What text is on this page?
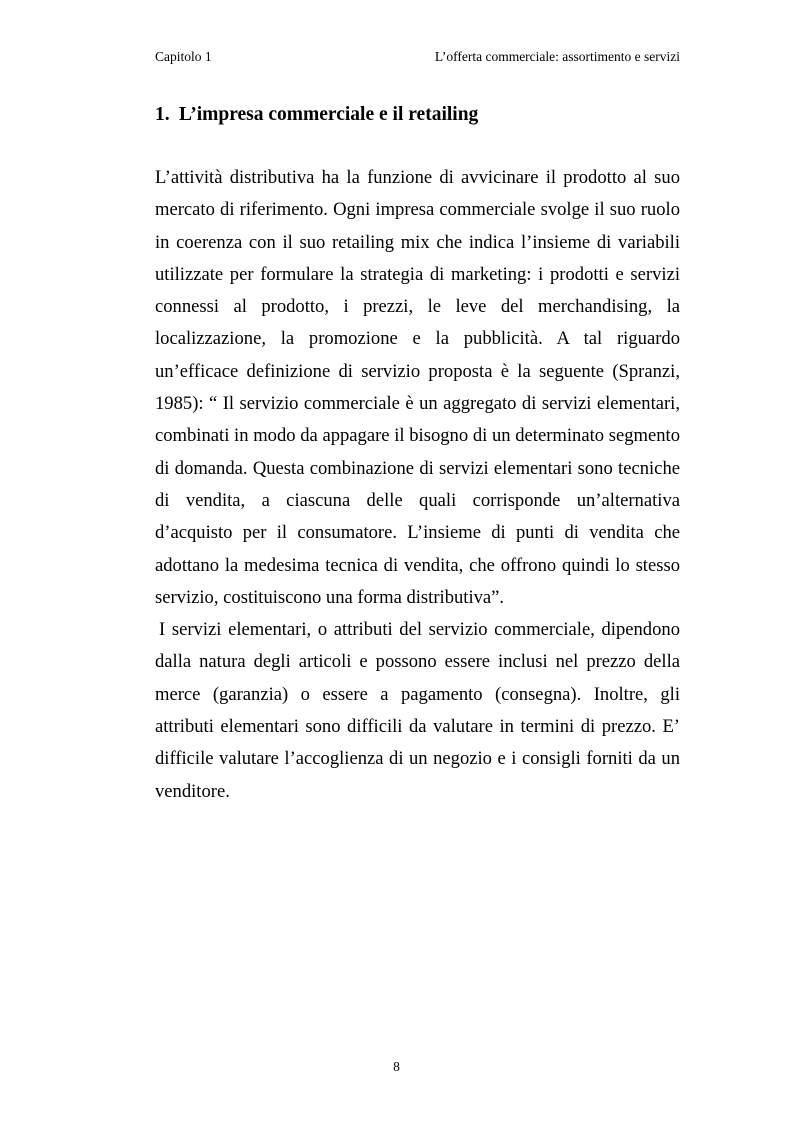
Capitolo 1	L’offerta commerciale: assortimento e servizi
1. L’impresa commerciale e il retailing

L’attività distributiva ha la funzione di avvicinare il prodotto al suo mercato di riferimento. Ogni impresa commerciale svolge il suo ruolo in coerenza con il suo retailing mix che indica l’insieme di variabili utilizzate per formulare la strategia di marketing: i prodotti e servizi connessi al prodotto, i prezzi, le leve del merchandising, la localizzazione, la promozione e la pubblicità. A tal riguardo un’efficace definizione di servizio proposta è la seguente (Spranzi, 1985): “ Il servizio commerciale è un aggregato di servizi elementari, combinati in modo da appagare il bisogno di un determinato segmento di domanda. Questa combinazione di servizi elementari sono tecniche di vendita, a ciascuna delle quali corrisponde un’alternativa d’acquisto per il consumatore. L’insieme di punti di vendita che adottano la medesima tecnica di vendita, che offrono quindi lo stesso servizio, costituiscono una forma distributiva”.

I servizi elementari, o attributi del servizio commerciale, dipendono dalla natura degli articoli e possono essere inclusi nel prezzo della merce (garanzia) o essere a pagamento (consegna). Inoltre, gli attributi elementari sono difficili da valutare in termini di prezzo. E’ difficile valutare l’accoglienza di un negozio e i consigli forniti da un venditore.

8
